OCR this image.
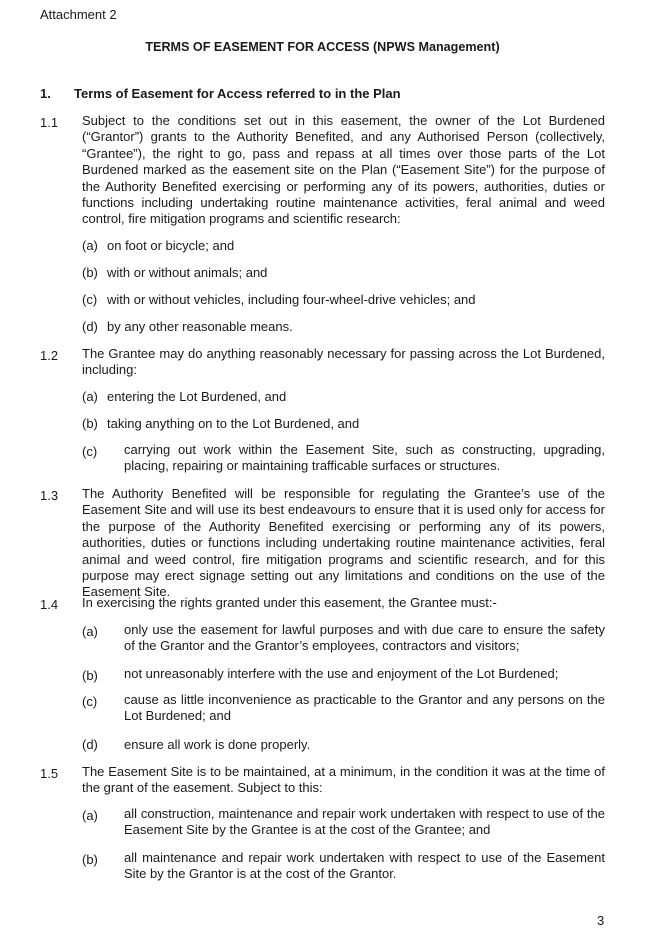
Attachment 2
TERMS OF EASEMENT FOR ACCESS (NPWS Management)
1. Terms of Easement for Access referred to in the Plan
1.1 Subject to the conditions set out in this easement, the owner of the Lot Burdened (“Grantor”) grants to the Authority Benefited, and any Authorised Person (collectively, “Grantee”), the right to go, pass and repass at all times over those parts of the Lot Burdened marked as the easement site on the Plan (“Easement Site”) for the purpose of the Authority Benefited exercising or performing any of its powers, authorities, duties or functions including undertaking routine maintenance activities, feral animal and weed control, fire mitigation programs and scientific research:
(a) on foot or bicycle; and
(b) with or without animals; and
(c) with or without vehicles, including four-wheel-drive vehicles; and
(d) by any other reasonable means.
1.2 The Grantee may do anything reasonably necessary for passing across the Lot Burdened, including:
(a) entering the Lot Burdened, and
(b) taking anything on to the Lot Burdened, and
(c) carrying out work within the Easement Site, such as constructing, upgrading, placing, repairing or maintaining trafficable surfaces or structures.
1.3 The Authority Benefited will be responsible for regulating the Grantee’s use of the Easement Site and will use its best endeavours to ensure that it is used only for access for the purpose of the Authority Benefited exercising or performing any of its powers, authorities, duties or functions including undertaking routine maintenance activities, feral animal and weed control, fire mitigation programs and scientific research, and for this purpose may erect signage setting out any limitations and conditions on the use of the Easement Site.
1.4 In exercising the rights granted under this easement, the Grantee must:-
(a) only use the easement for lawful purposes and with due care to ensure the safety of the Grantor and the Grantor’s employees, contractors and visitors;
(b) not unreasonably interfere with the use and enjoyment of the Lot Burdened;
(c) cause as little inconvenience as practicable to the Grantor and any persons on the Lot Burdened; and
(d) ensure all work is done properly.
1.5 The Easement Site is to be maintained, at a minimum, in the condition it was at the time of the grant of the easement. Subject to this:
(a) all construction, maintenance and repair work undertaken with respect to use of the Easement Site by the Grantee is at the cost of the Grantee; and
(b) all maintenance and repair work undertaken with respect to use of the Easement Site by the Grantor is at the cost of the Grantor.
3
